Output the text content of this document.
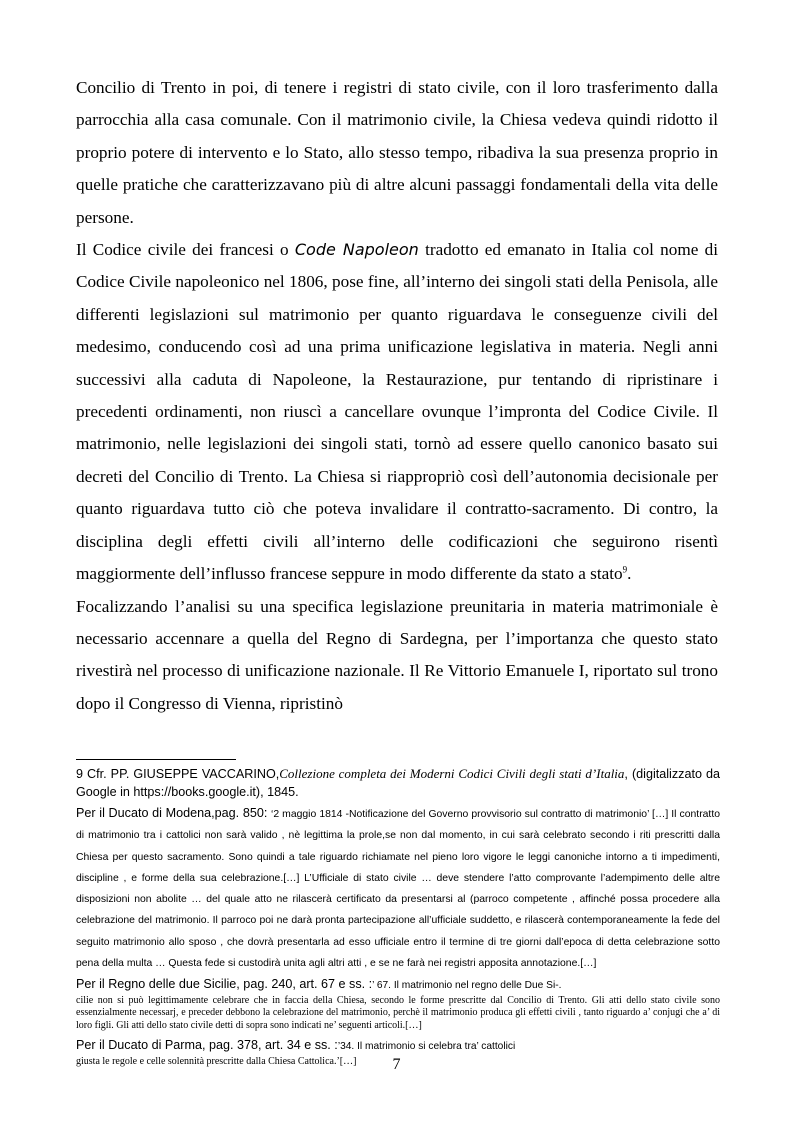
Concilio di Trento in poi, di tenere i registri di stato civile, con il loro trasferimento dalla parrocchia alla casa comunale. Con il matrimonio civile, la Chiesa vedeva quindi ridotto il proprio potere di intervento e lo Stato, allo stesso tempo, ribadiva la sua presenza proprio in quelle pratiche che caratterizzavano più di altre alcuni passaggi fondamentali della vita delle persone.

Il Codice civile dei francesi o Code Napoleon tradotto ed emanato in Italia col nome di Codice Civile napoleonico nel 1806, pose fine, all’interno dei singoli stati della Penisola, alle differenti legislazioni sul matrimonio per quanto riguardava le conseguenze civili del medesimo, conducendo così ad una prima unificazione legislativa in materia. Negli anni successivi alla caduta di Napoleone, la Restaurazione, pur tentando di ripristinare i precedenti ordinamenti, non riuscì a cancellare ovunque l’impronta del Codice Civile. Il matrimonio, nelle legislazioni dei singoli stati, tornò ad essere quello canonico basato sui decreti del Concilio di Trento. La Chiesa si riappropriò così dell’autonomia decisionale per quanto riguardava tutto ciò che poteva invalidare il contratto-sacramento. Di contro, la disciplina degli effetti civili all’interno delle codificazioni che seguirono risentì maggiormente dell’influsso francese seppure in modo differente da stato a stato$^9$.

Focalizzando l’analisi su una specifica legislazione preunitaria in materia matrimoniale è necessario accennare a quella del Regno di Sardegna, per l’importanza che questo stato rivestirà nel processo di unificazione nazionale. Il Re Vittorio Emanuele I, riportato sul trono dopo il Congresso di Vienna, ripristinò

9 Cfr. PP. GIUSEPPE VACCARINO,Collezione completa dei Moderni Codici Civili degli stati d’Italia, (digitalizzato da Google in https://books.google.it), 1845.

Per il Ducato di Modena,pag. 850: ‘2 maggio 1814 -Notificazione del Governo provvisorio sul contratto di matrimonio’ […] Il contratto di matrimonio tra i cattolici non sarà valido , nè legittima la prole,se non dal momento, in cui sarà celebrato secondo i riti prescritti dalla Chiesa per questo sacramento. Sono quindi a tale riguardo richiamate nel pieno loro vigore le leggi canoniche intorno a ti impedimenti, discipline , e forme della sua celebrazione.[…] L’Ufficiale di stato civile … deve stendere l’atto comprovante l’adempimento delle altre disposizioni non abolite … del quale atto ne rilascerà certificato da presentarsi al (parroco competente , affinché possa procedere alla celebrazione del matrimonio. Il parroco poi ne darà pronta partecipazione all’ufficiale suddetto, e rilascerà contemporaneamente la fede del seguito matrimonio allo sposo , che dovrà presentarla ad esso ufficiale entro il termine di tre giorni dall’epoca di detta celebrazione sotto pena della multa … Questa fede si custodirà unita agli altri atti , e se ne farà nei registri apposita annotazione.[…]

Per il Regno delle due Sicilie, pag. 240, art. 67 e ss. :’ 67. Il matrimonio nel regno delle Due Si-.

cilie non si può legittimamente celebrare che in faccia della Chiesa, secondo le forme prescritte dal Concilio di Trento. Gli atti dello stato civile sono essenzialmente necessarj, e preceder debbono la celebrazione del matrimonio, perchè il matrimonio produca gli effetti civili , tanto riguardo a’ conjugi che a’ di loro figli. Gli atti dello stato civile detti di sopra sono indicati ne’ seguenti articoli.[…]

Per il Ducato di Parma, pag. 378, art. 34 e ss. :’34. Il matrimonio si celebra tra’ cattolici

giusta le regole e celle solennità prescritte dalla Chiesa Cattolica.’[…]	7
